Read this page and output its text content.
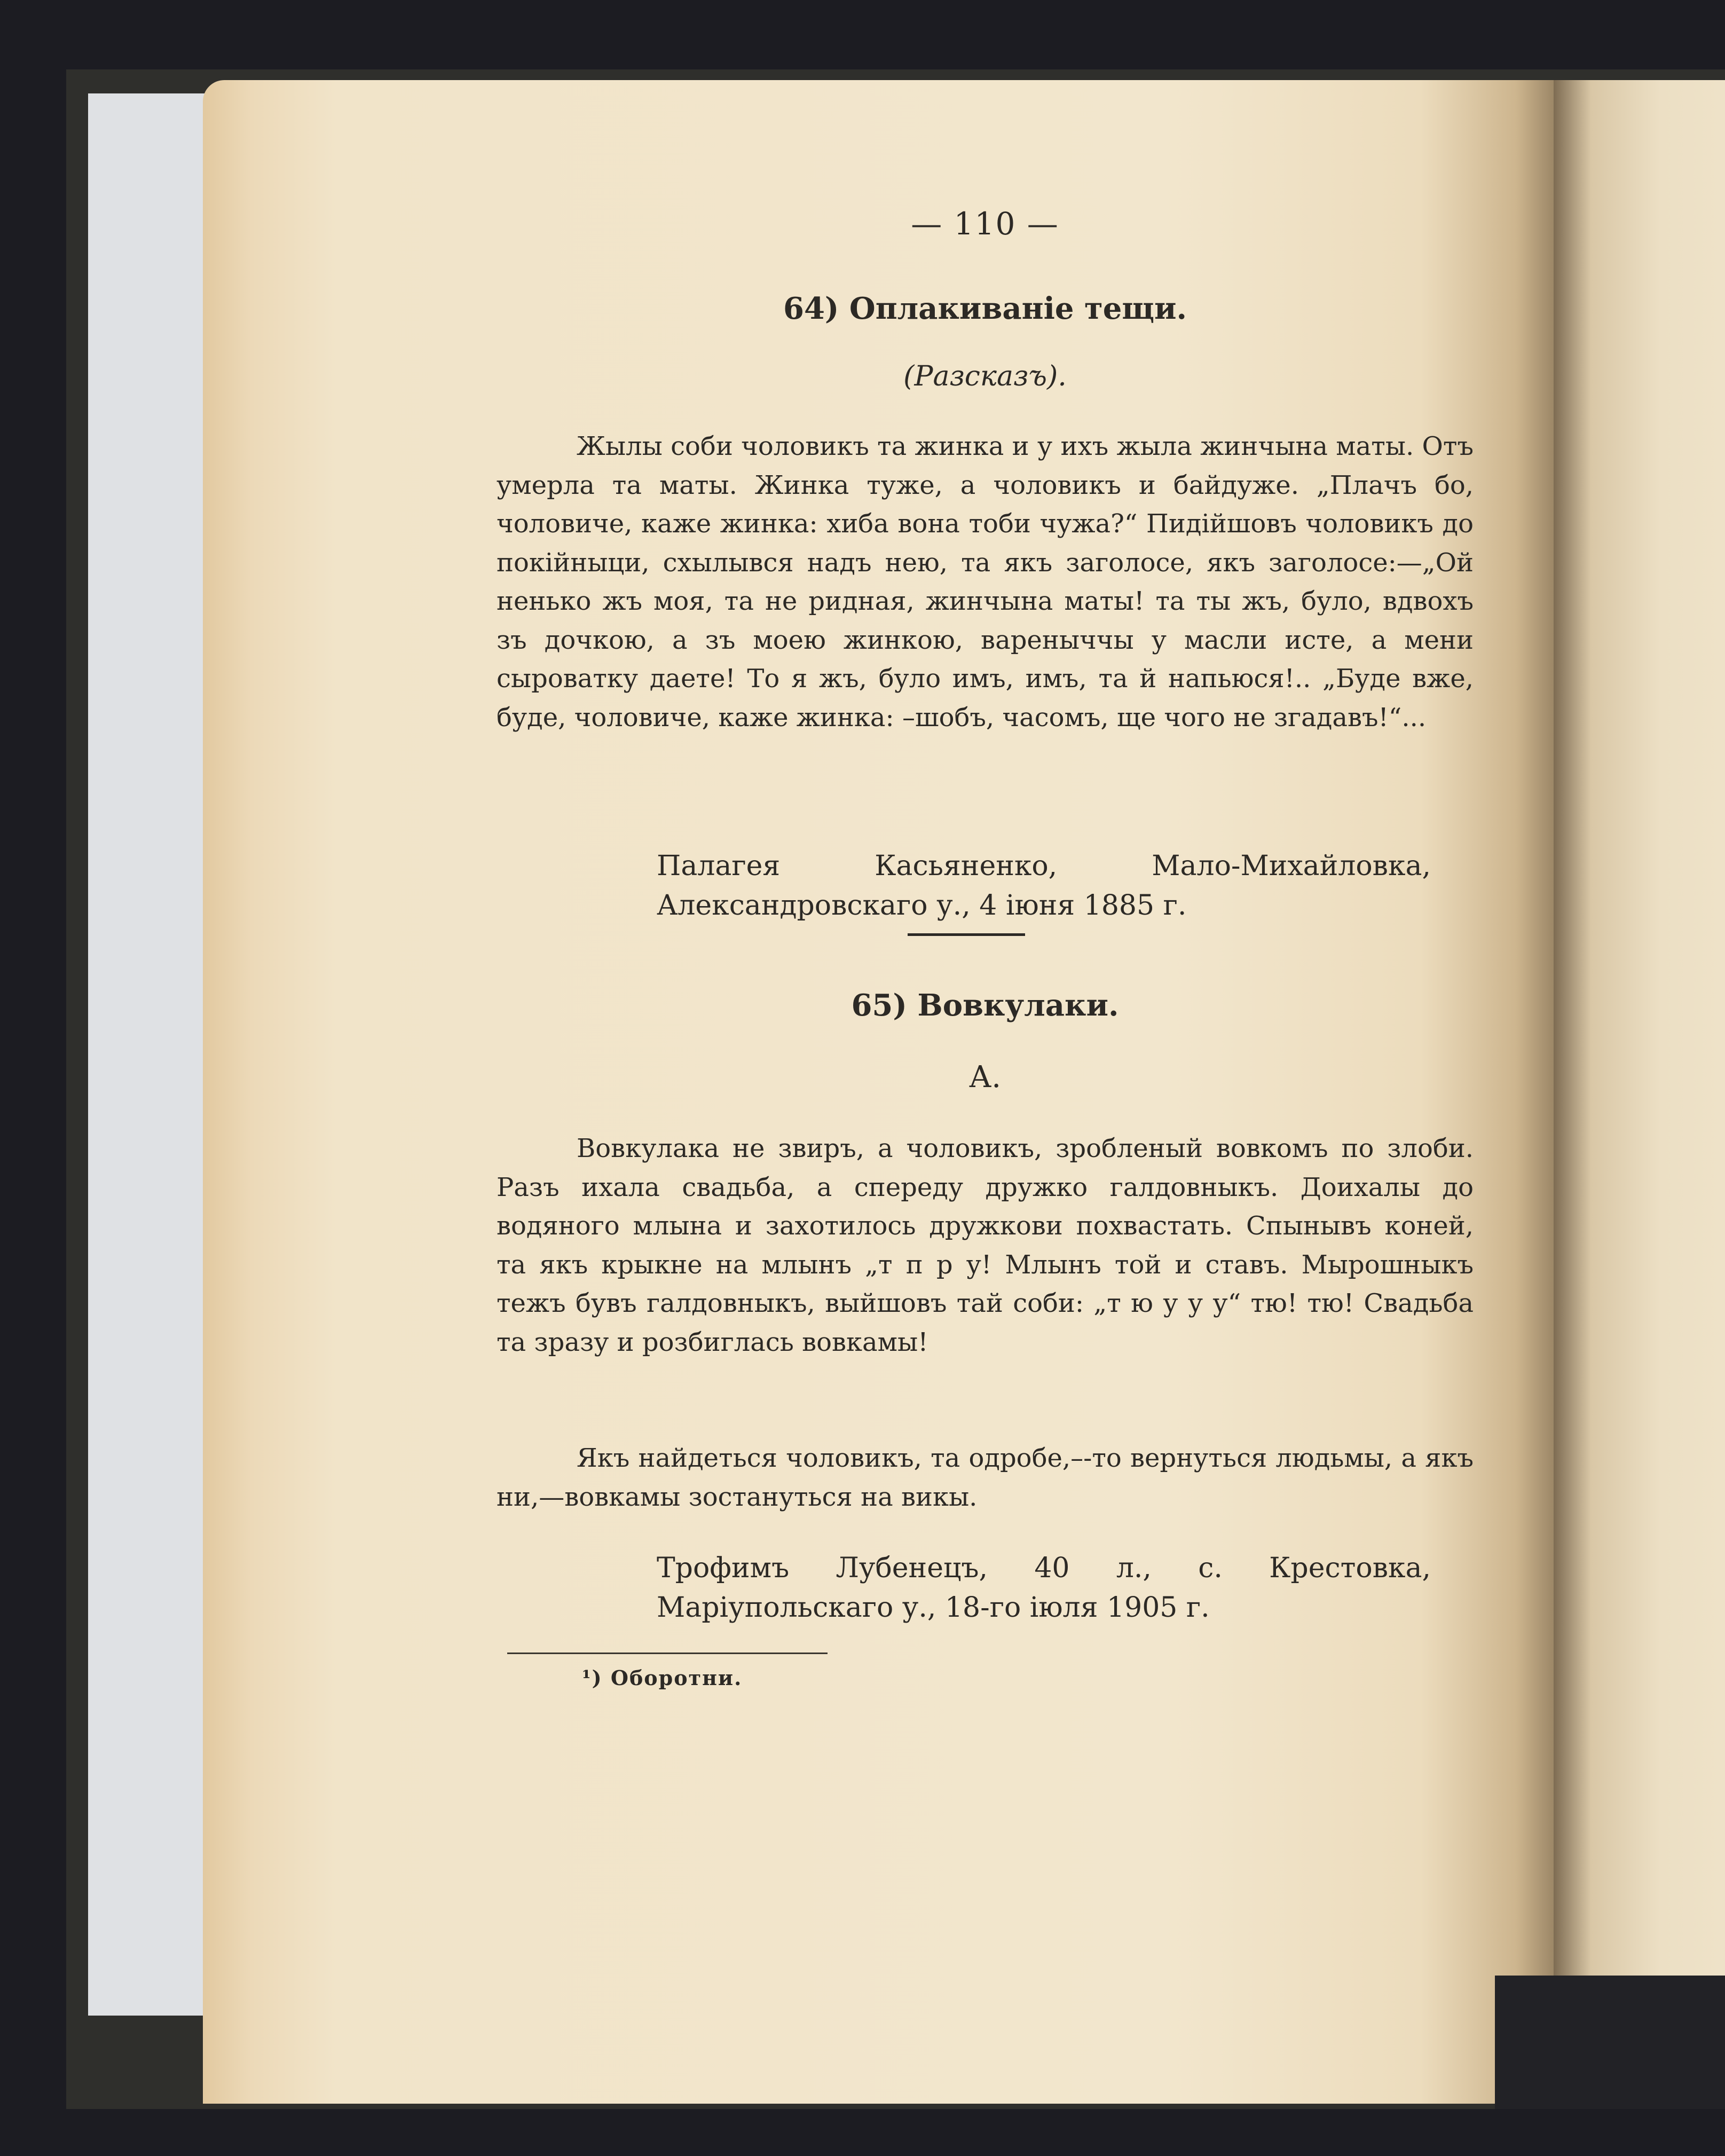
— 110 —
64) Оплакиваніе тещи.
(Разсказъ).
Жылы соби чоловикъ та жинка и у ихъ жыла жинчына маты. Отъ умерла та маты. Жинка туже, а чоловикъ и байдуже. „Плачъ бо, чоловиче, каже жинка: хиба вона тоби чужа?“ Пидійшовъ чоловикъ до покійныци, схылывся надъ нею, та якъ заголосе, якъ заголосе:—„Ой ненько жъ моя, та не ридная, жинчына маты! та ты жъ, було, вдвохъ зъ дочкою, а зъ моею жинкою, вареныччы у масли исте, а мени сыроватку даете! То я жъ, було имъ, имъ, та й напьюся!.. „Буде вже, буде, чоловиче, каже жинка: –шобъ, часомъ, ще чого не згадавъ!“...
Палагея Касьяненко, Мало-Михайловка, Александровскаго у., 4 іюня 1885 г.
65) Вовкулаки.
А.
Вовкулака не звиръ, а чоловикъ, зробленый вовкомъ по злоби. Разъ ихала свадьба, а спереду дружко галдовныкъ. Доихалы до водяного млына и захотилось дружкови похвастать. Спынывъ коней, та якъ крыкне на млынъ „т п р у! Млынъ той и ставъ. Мырошныкъ тежъ бувъ галдовныкъ, выйшовъ тай соби: „т ю у у у“ тю! тю! Свадьба та зразу и розбиглась вовкамы!
Якъ найдеться чоловикъ, та одробе,–-то вернуться людьмы, а якъ ни,—вовкамы зостануться на викы.
Трофимъ Лубенецъ, 40 л., с. Крестовка, Маріупольскаго у., 18-го іюля 1905 г.
¹) Оборотни.
